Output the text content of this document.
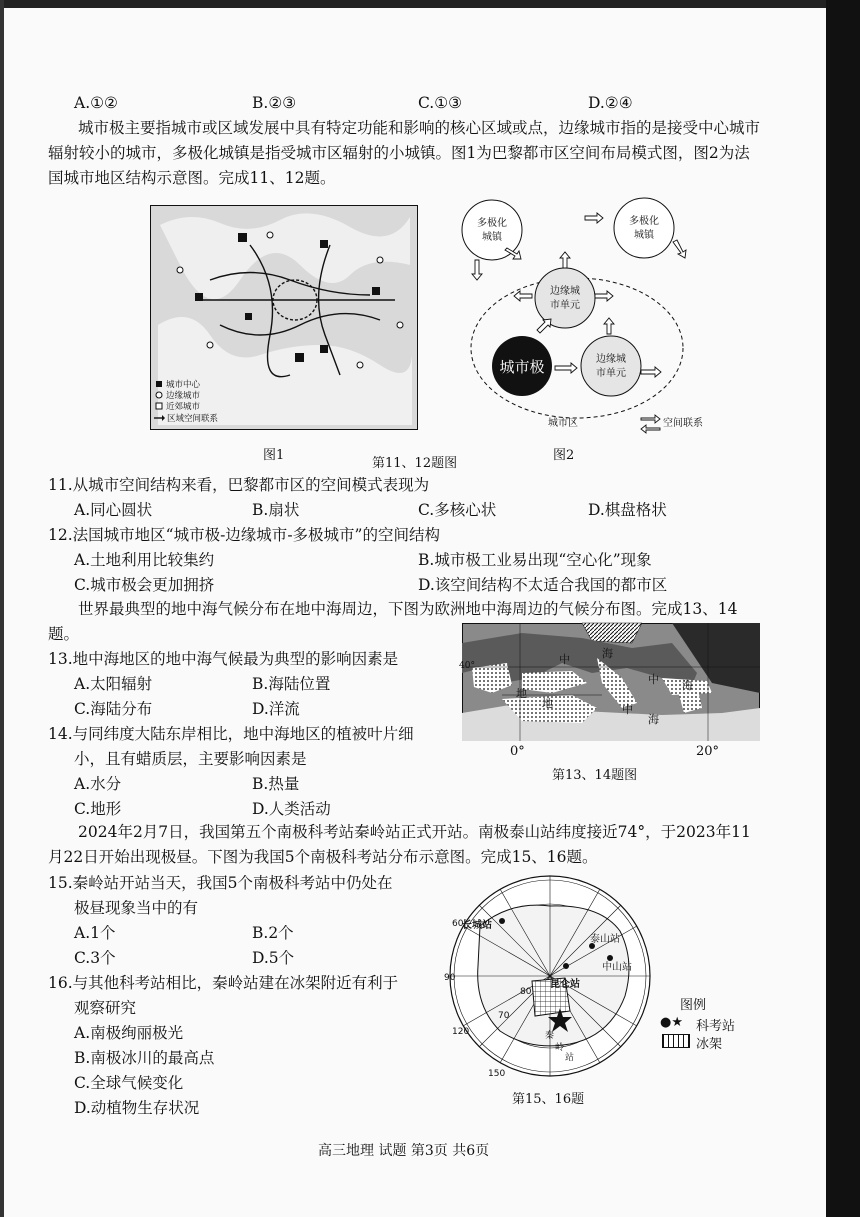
A.①②	B.②③	C.①③	D.②④
城市极主要指城市或区域发展中具有特定功能和影响的核心区域或点，边缘城市指的是接受中心城市辐射较小的城市，多极化城镇是指受城市区辐射的小城镇。图1为巴黎都市区空间布局模式图，图2为法国城市地区结构示意图。完成11、12题。
城市中心
边缘城市
近郊城市
区域空间联系
图1
第11、12题图
多极化
城镇
多极化
城镇
边缘城
市单元
边缘城
市单元
城市极
城市区	空间联系
图2
11.从城市空间结构来看，巴黎都市区的空间模式表现为
A.同心圆状	B.扇状	C.多核心状	D.棋盘格状
12.法国城市地区“城市极-边缘城市-多极城市”的空间结构
A.土地利用比较集约	B.城市极工业易出现“空心化”现象
C.城市极会更加拥挤	D.该空间结构不太适合我国的都市区
世界最典型的地中海气候分布在地中海周边，下图为欧洲地中海周边的气候分布图。完成13、14题。
40°	中	海
地
地	中
海
中 海
0°	20°
第13、14题图
13.地中海地区的地中海气候最为典型的影响因素是
A.太阳辐射	B.海陆位置
C.海陆分布	D.洋流
14.与同纬度大陆东岸相比，地中海地区的植被叶片细
小，且有蜡质层，主要影响因素是
A.水分	B.热量
C.地形	D.人类活动
2024年2月7日，我国第五个南极科考站秦岭站正式开站。南极泰山站纬度接近74°，于2023年11月22日开始出现极昼。下图为我国5个南极科考站分布示意图。完成15、16题。
15.秦岭站开站当天，我国5个南极科考站中仍处在
极昼现象当中的有
A.1个	B.2个
C.3个	D.5个
16.与其他科考站相比，秦岭站建在冰架附近有利于
观察研究
A.南极绚丽极光
B.南极冰川的最高点
C.全球气候变化
D.动植物生存状况
长城站
泰山站
中山站
昆仑站
秦
岭
站
80
70
60
90
120
150
图例
●★ 科考站
冰架
第15、16题
高三地理 试题 第3页 共6页
